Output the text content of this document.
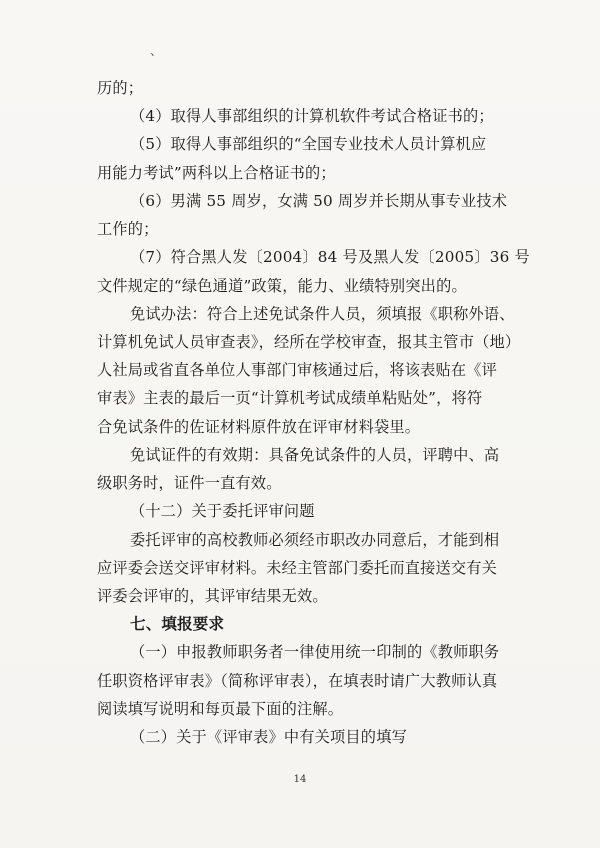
、
历的；
（4）取得人事部组织的计算机软件考试合格证书的；
（5）取得人事部组织的“全国专业技术人员计算机应
用能力考试”两科以上合格证书的；
（6）男满 55 周岁，女满 50 周岁并长期从事专业技术
工作的；
（7）符合黑人发〔2004〕84 号及黑人发〔2005〕36 号
文件规定的“绿色通道”政策，能力、业绩特别突出的。
免试办法：符合上述免试条件人员，须填报《职称外语、
计算机免试人员审查表》，经所在学校审查，报其主管市（地）
人社局或省直各单位人事部门审核通过后，将该表贴在《评
审表》主表的最后一页“计算机考试成绩单粘贴处”，将符
合免试条件的佐证材料原件放在评审材料袋里。
免试证件的有效期：具备免试条件的人员，评聘中、高
级职务时，证件一直有效。
（十二）关于委托评审问题
委托评审的高校教师必须经市职改办同意后，才能到相
应评委会送交评审材料。未经主管部门委托而直接送交有关
评委会评审的，其评审结果无效。
七、填报要求
（一）申报教师职务者一律使用统一印制的《教师职务
任职资格评审表》（简称评审表），在填表时请广大教师认真
阅读填写说明和每页最下面的注解。
（二）关于《评审表》中有关项目的填写
14
